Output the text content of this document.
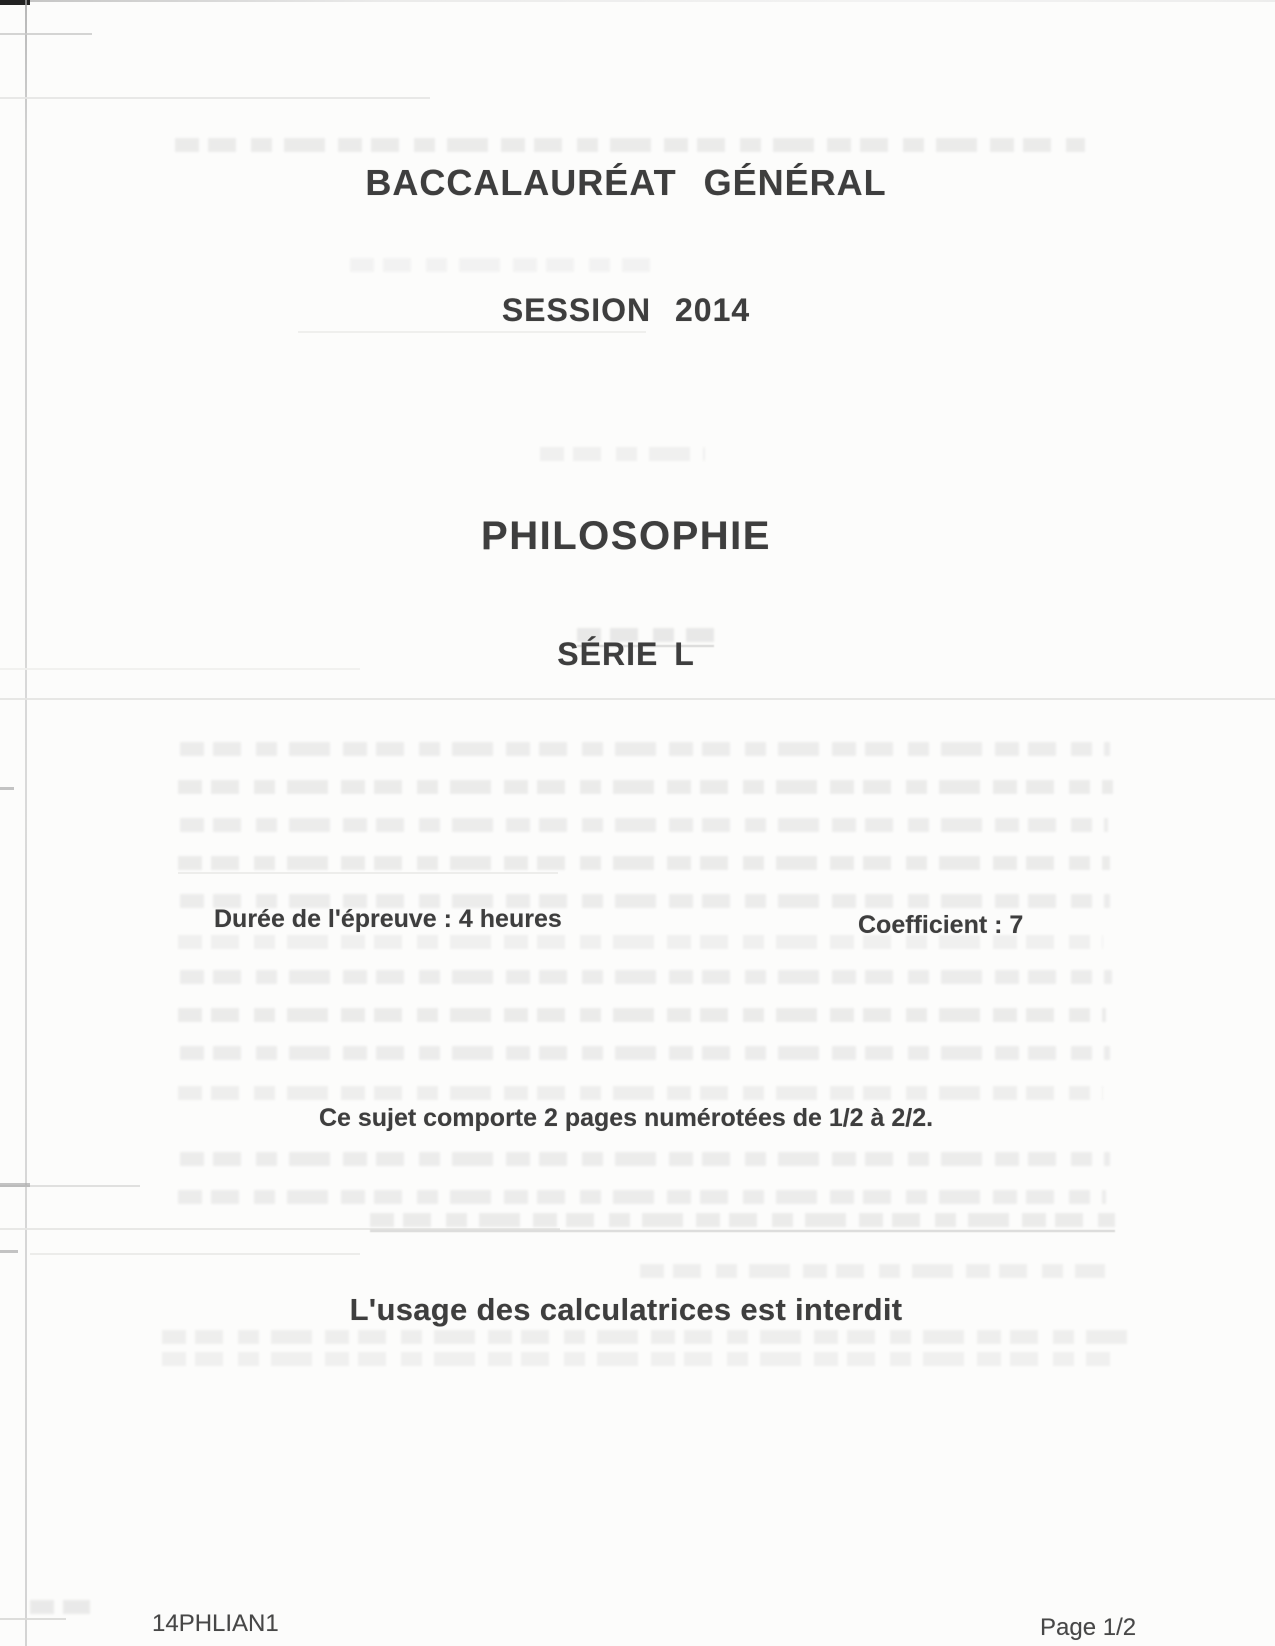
BACCALAURÉAT GÉNÉRAL
SESSION 2014
PHILOSOPHIE
SÉRIE L
Durée de l'épreuve : 4 heures	Coefficient : 7
Ce sujet comporte 2 pages numérotées de 1/2 à 2/2.
L'usage des calculatrices est interdit
14PHLIAN1	Page 1/2
